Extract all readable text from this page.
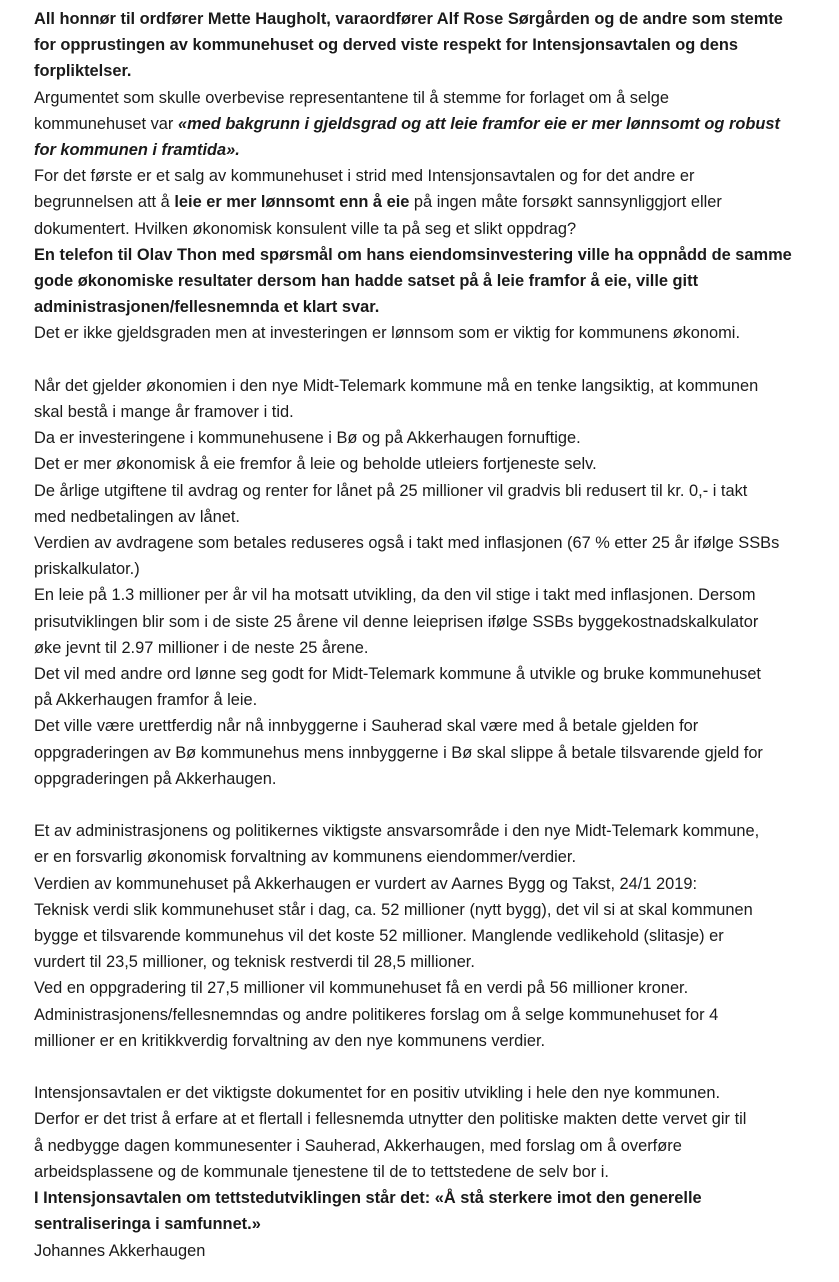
All honnør til ordfører Mette Haugholt, varaordfører Alf Rose Sørgården og de andre som stemte
for opprustingen av kommunehuset og derved viste respekt for Intensjonsavtalen og dens
forpliktelser.

Argumentet som skulle overbevise representantene til å stemme for forlaget om å selge

kommunehuset var «med bakgrunn i gjeldsgrad og att leie framfor eie er mer lønnsomt og robust
for kommunen i framtida».

For det første er et salg av kommunehuset i strid med Intensjonsavtalen og for det andre er
begrunnelsen att å leie er mer lønnsomt enn å eie på ingen måte forsøkt sannsynliggjort eller
dokumentert. Hvilken økonomisk konsulent ville ta på seg et slikt oppdrag?

En telefon til Olav Thon med spørsmål om hans eiendomsinvestering ville ha oppnådd de samme
gode økonomiske resultater dersom han hadde satset på å leie framfor å eie, ville gitt
administrasjonen/fellesnemnda et klart svar.

Det er ikke gjeldsgraden men at investeringen er lønnsom som er viktig for kommunens økonomi.

Når det gjelder økonomien i den nye Midt-Telemark kommune må en tenke langsiktig, at kommunen
skal bestå i mange år framover i tid.

Da er investeringene i kommunehusene i Bø og på Akkerhaugen fornuftige.

Det er mer økonomisk å eie fremfor å leie og beholde utleiers fortjeneste selv.

De årlige utgiftene til avdrag og renter for lånet på 25 millioner vil gradvis bli redusert til kr. 0,- i takt
med nedbetalingen av lånet.

Verdien av avdragene som betales reduseres også i takt med inflasjonen (67 % etter 25 år ifølge SSBs
priskalkulator.)

En leie på 1.3 millioner per år vil ha motsatt utvikling, da den vil stige i takt med inflasjonen. Dersom
prisutviklingen blir som i de siste 25 årene vil denne leieprisen ifølge SSBs byggekostnadskalkulator
øke jevnt til 2.97 millioner i de neste 25 årene.

Det vil med andre ord lønne seg godt for Midt-Telemark kommune å utvikle og bruke kommunehuset
på Akkerhaugen framfor å leie.

Det ville være urettferdig når nå innbyggerne i Sauherad skal være med å betale gjelden for
oppgraderingen av Bø kommunehus mens innbyggerne i Bø skal slippe å betale tilsvarende gjeld for
oppgraderingen på Akkerhaugen.

Et av administrasjonens og politikernes viktigste ansvarsområde i den nye Midt-Telemark kommune,
er en forsvarlig økonomisk forvaltning av kommunens eiendommer/verdier.

Verdien av kommunehuset på Akkerhaugen er vurdert av Aarnes Bygg og Takst, 24/1 2019:

Teknisk verdi slik kommunehuset står i dag, ca. 52 millioner (nytt bygg), det vil si at skal kommunen
bygge et tilsvarende kommunehus vil det koste 52 millioner. Manglende vedlikehold (slitasje) er
vurdert til 23,5 millioner, og teknisk restverdi til 28,5 millioner.

Ved en oppgradering til 27,5 millioner vil kommunehuset få en verdi på 56 millioner kroner.

Administrasjonens/fellesnemndas og andre politikeres forslag om å selge kommunehuset for 4
millioner er en kritikkverdig forvaltning av den nye kommunens verdier.

Intensjonsavtalen er det viktigste dokumentet for en positiv utvikling i hele den nye kommunen.

Derfor er det trist å erfare at et flertall i fellesnemda utnytter den politiske makten dette vervet gir til
å nedbygge dagen kommunesenter i Sauherad, Akkerhaugen, med forslag om å overføre
arbeidsplassene og de kommunale tjenestene til de to tettstedene de selv bor i.

I Intensjonsavtalen om tettstedutviklingen står det: «Å stå sterkere imot den generelle
sentraliseringa i samfunnet.»

Johannes Akkerhaugen
